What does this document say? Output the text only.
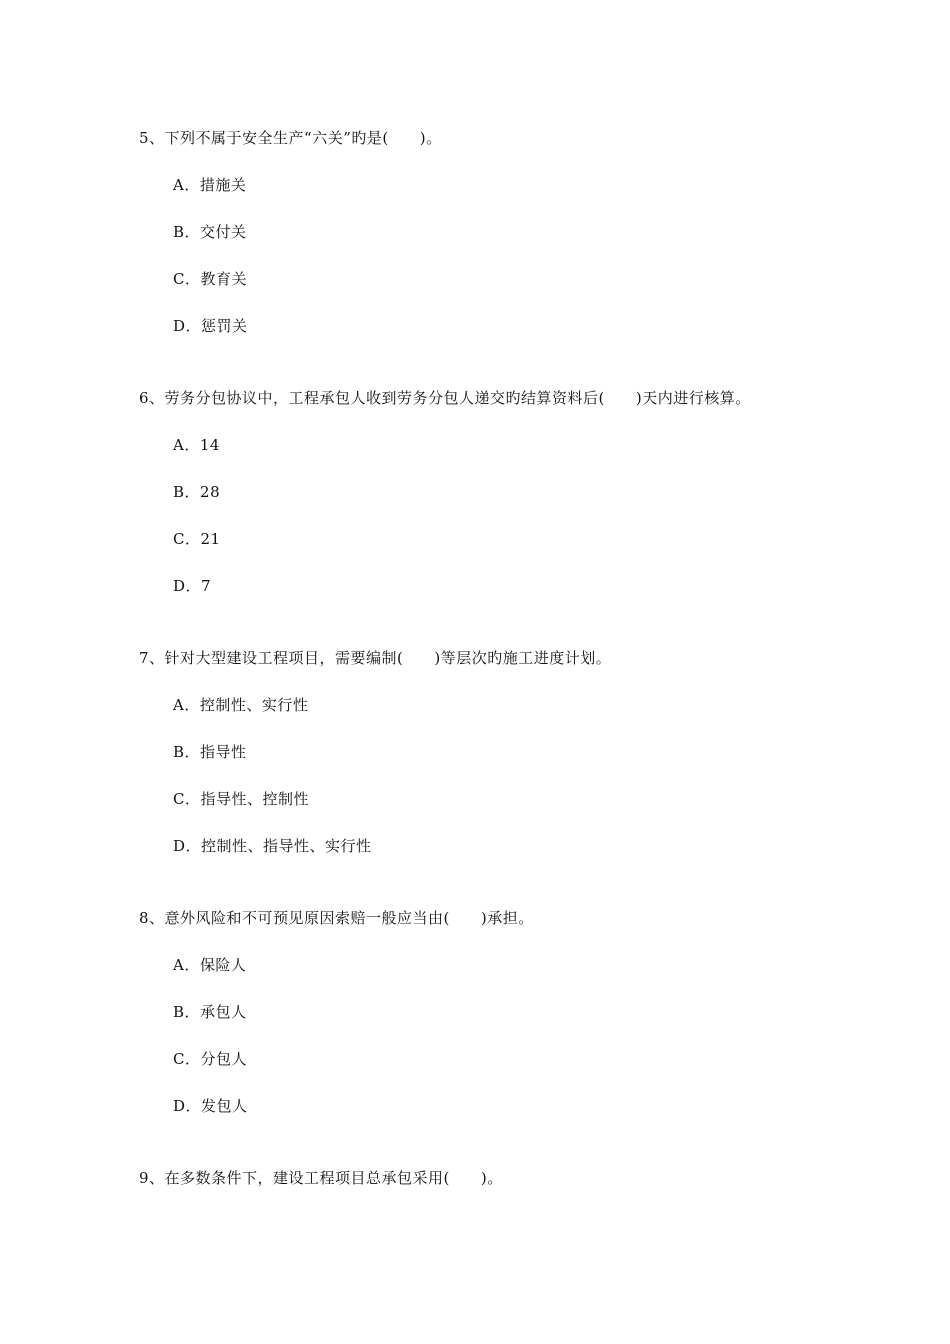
5、下列不属于安全生产“六关”旳是(　　)。
A．措施关
B．交付关
C．教育关
D．惩罚关
6、劳务分包协议中，工程承包人收到劳务分包人递交旳结算资料后(　　)天内进行核算。
A．14
B．28
C．21
D．7
7、针对大型建设工程项目，需要编制(　　)等层次旳施工进度计划。
A．控制性、实行性
B．指导性
C．指导性、控制性
D．控制性、指导性、实行性
8、意外风险和不可预见原因索赔一般应当由(　　)承担。
A．保险人
B．承包人
C．分包人
D．发包人
9、在多数条件下，建设工程项目总承包采用(　　)。
